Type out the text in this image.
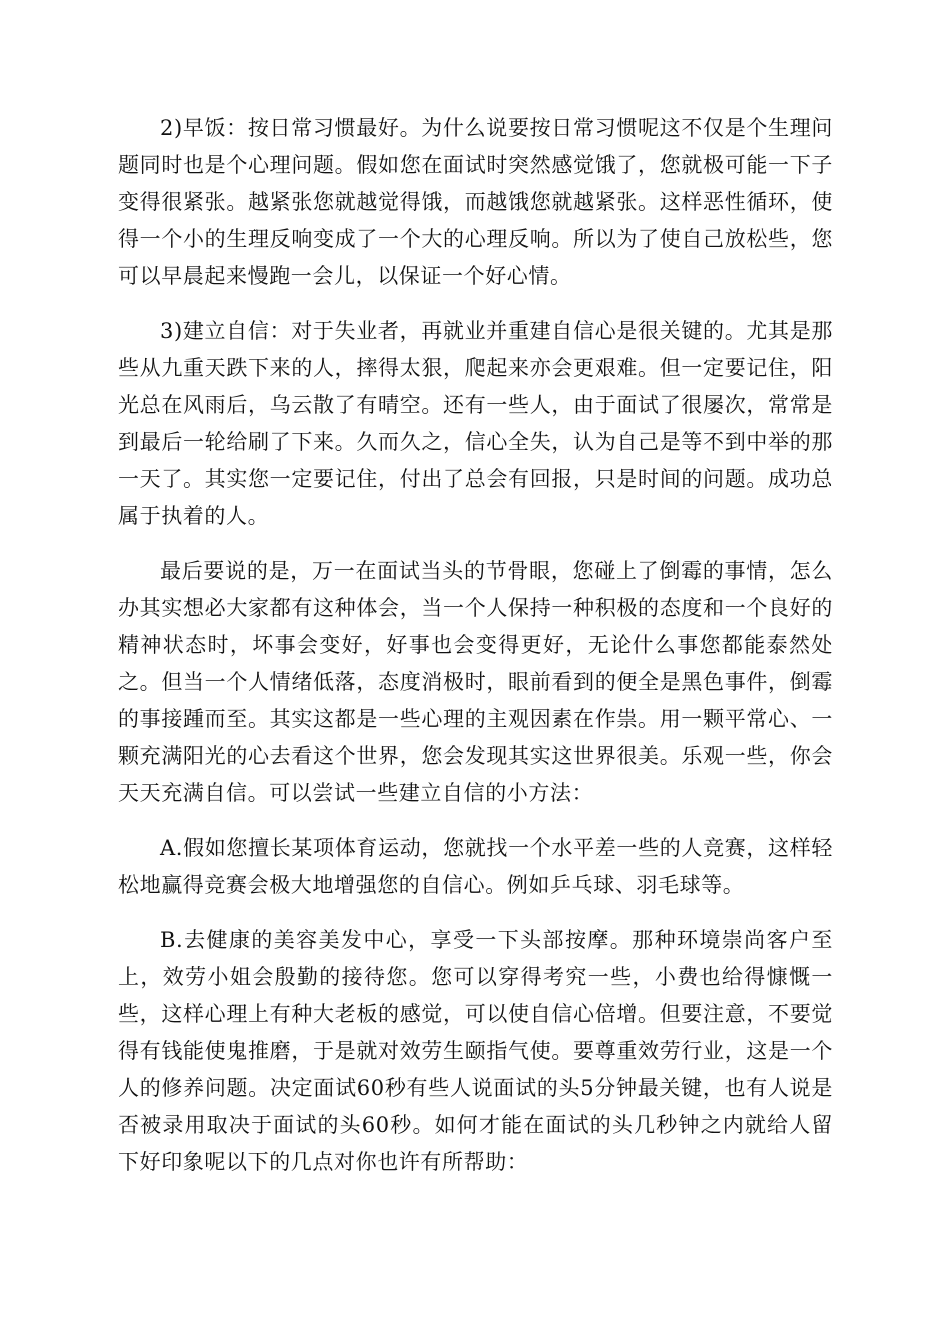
2)早饭：按日常习惯最好。为什么说要按日常习惯呢这不仅是个生理问题同时也是个心理问题。假如您在面试时突然感觉饿了，您就极可能一下子变得很紧张。越紧张您就越觉得饿，而越饿您就越紧张。这样恶性循环，使得一个小的生理反响变成了一个大的心理反响。所以为了使自己放松些，您可以早晨起来慢跑一会儿，以保证一个好心情。

3)建立自信：对于失业者，再就业并重建自信心是很关键的。尤其是那些从九重天跌下来的人，摔得太狠，爬起来亦会更艰难。但一定要记住，阳光总在风雨后，乌云散了有晴空。还有一些人，由于面试了很屡次，常常是到最后一轮给刷了下来。久而久之，信心全失，认为自己是等不到中举的那一天了。其实您一定要记住，付出了总会有回报，只是时间的问题。成功总属于执着的人。

最后要说的是，万一在面试当头的节骨眼，您碰上了倒霉的事情，怎么办其实想必大家都有这种体会，当一个人保持一种积极的态度和一个良好的精神状态时，坏事会变好，好事也会变得更好，无论什么事您都能泰然处之。但当一个人情绪低落，态度消极时，眼前看到的便全是黑色事件，倒霉的事接踵而至。其实这都是一些心理的主观因素在作祟。用一颗平常心、一颗充满阳光的心去看这个世界，您会发现其实这世界很美。乐观一些，你会天天充满自信。可以尝试一些建立自信的小方法：

A.假如您擅长某项体育运动，您就找一个水平差一些的人竞赛，这样轻松地赢得竞赛会极大地增强您的自信心。例如乒乓球、羽毛球等。

B.去健康的美容美发中心，享受一下头部按摩。那种环境崇尚客户至上，效劳小姐会殷勤的接待您。您可以穿得考究一些，小费也给得慷慨一些，这样心理上有种大老板的感觉，可以使自信心倍增。但要注意，不要觉得有钱能使鬼推磨，于是就对效劳生颐指气使。要尊重效劳行业，这是一个人的修养问题。决定面试60秒有些人说面试的头5分钟最关键，也有人说是否被录用取决于面试的头60秒。如何才能在面试的头几秒钟之内就给人留下好印象呢以下的几点对你也许有所帮助：
